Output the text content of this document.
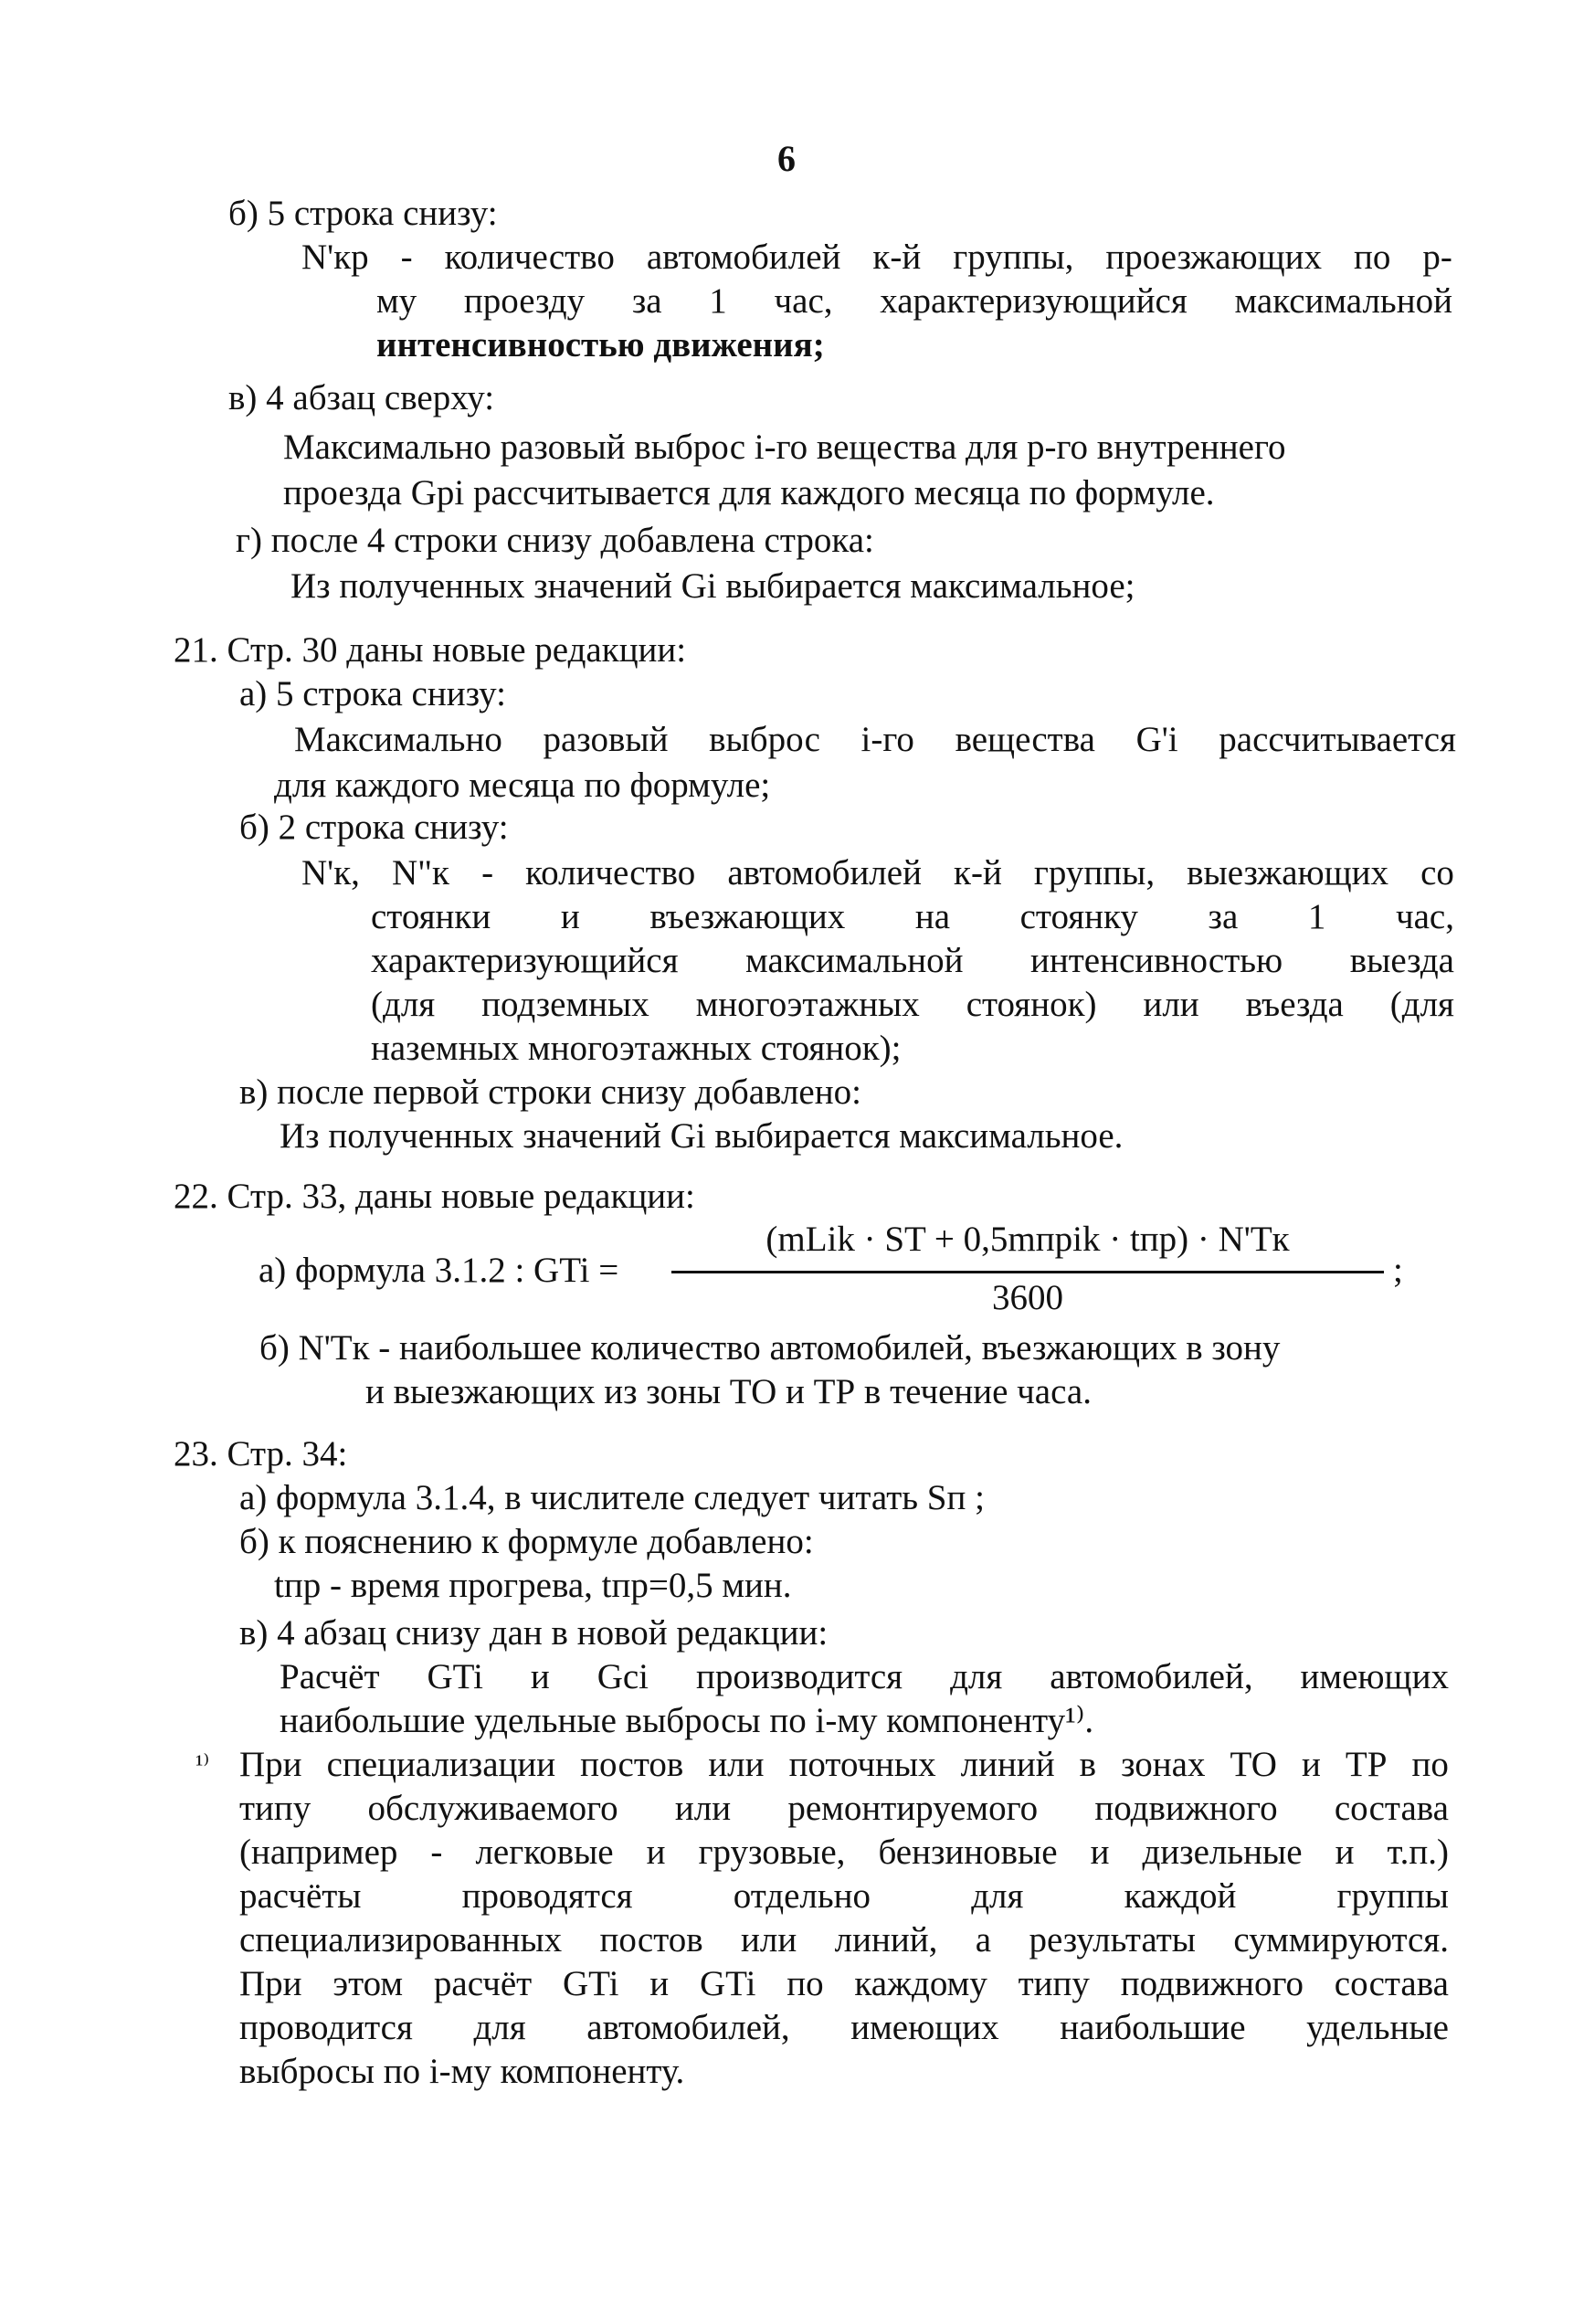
6
б) 5 строка снизу:
N'кр - количество автомобилей к-й группы, проезжающих по р-
му проезду за 1 час, характеризующийся максимальной
интенсивностью движения;
в) 4 абзац сверху:
Максимально разовый выброс i-го вещества для р-го внутреннего
проезда Gрi рассчитывается для каждого месяца по формуле.
г) после 4 строки снизу добавлена строка:
Из полученных значений Gi выбирается максимальное;
21. Стр. 30 даны новые редакции:
а) 5 строка снизу:
Максимально разовый выброс i-го вещества G'i рассчитывается
для каждого месяца по формуле;
б) 2 строка снизу:
N'к, N"к - количество автомобилей к-й группы, выезжающих со
стоянки и въезжающих на стоянку за 1 час,
характеризующийся максимальной интенсивностью выезда
(для подземных многоэтажных стоянок) или въезда (для
наземных многоэтажных стоянок);
в) после первой строки снизу добавлено:
Из полученных значений Gi выбирается максимальное.
22. Стр. 33, даны новые редакции:
а) формула 3.1.2 : GTi =
(mLik · ST + 0,5mпрik · tпр) · N'Tк
3600
;
б) N'Tк - наибольшее количество автомобилей, въезжающих в зону
и выезжающих из зоны ТО и ТР в течение часа.
23. Стр. 34:
а) формула 3.1.4, в числителе следует читать Sп ;
б) к пояснению к формуле добавлено:
tпр - время прогрева, tпр=0,5 мин.
в) 4 абзац снизу дан в новой редакции:
Расчёт GTi и Gсi производится для автомобилей, имеющих
наибольшие удельные выбросы по i-му компоненту¹⁾.
¹⁾ При специализации постов или поточных линий в зонах ТО и ТР по
типу обслуживаемого или ремонтируемого подвижного состава
(например - легковые и грузовые, бензиновые и дизельные и т.п.)
расчёты	проводятся	отдельно	для	каждой	группы
специализированных постов или линий, а результаты суммируются.
При этом расчёт GTi и GTi по каждому типу подвижного состава
проводится для автомобилей, имеющих наибольшие удельные
выбросы по i-му компоненту.
